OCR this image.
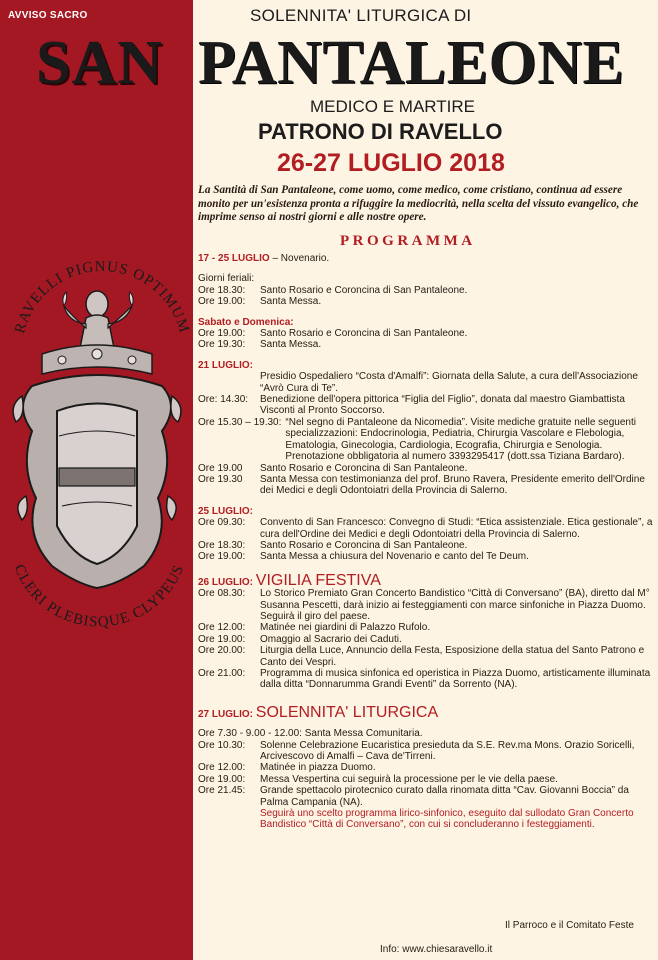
AVVISO SACRO	SOLENNITA' LITURGICA DI
SAN PANTALEONE
MEDICO E MARTIRE
PATRONO DI RAVELLO
26-27 LUGLIO 2018
La Santità di San Pantaleone, come uomo, come medico, come cristiano, continua ad essere monito per un'esistenza pronta a rifuggire la mediocrità, nella scelta del vissuto evangelico, che imprime senso ai nostri giorni e alle nostre opere.
PROGRAMMA
RAVELLI PIGNUS OPTIMUM
CLERI PLEBISQUE CLYPEUS
17 - 25 LUGLIO – Novenario.
Giorni feriali:
Ore 18.30:	Santo Rosario e Coroncina di San Pantaleone.
Ore 19.00:	Santa Messa.
Sabato e Domenica:
Ore 19.00:	Santo Rosario e Coroncina di San Pantaleone.
Ore 19.30:	Santa Messa.
21 LUGLIO:
Presidio Ospedaliero “Costa d'Amalfi”: Giornata della Salute, a cura dell'Associazione “Avrò Cura di Te”.
Ore: 14.30:	Benedizione dell'opera pittorica “Figlia del Figlio”, donata dal maestro Giambattista Visconti al Pronto Soccorso.
Ore 15.30 – 19.30: “Nel segno di Pantaleone da Nicomedia”. Visite mediche gratuite nelle seguenti specializzazioni: Endocrinologia, Pediatria, Chirurgia Vascolare e Flebologia, Ematologia, Ginecologia, Cardiologia, Ecografia, Chirurgia e Senologia. Prenotazione obbligatoria al numero 3393295417 (dott.ssa Tiziana Bardaro).
Ore 19.00	Santo Rosario e Coroncina di San Pantaleone.
Ore 19.30	Santa Messa con testimonianza del prof. Bruno Ravera, Presidente emerito dell'Ordine dei Medici e degli Odontoiatri della Provincia di Salerno.
25 LUGLIO:
Ore 09.30:	Convento di San Francesco: Convegno di Studi: “Etica assistenziale. Etica gestionale”, a cura dell'Ordine dei Medici e degli Odontoiatri della Provincia di Salerno.
Ore 18.30:	Santo Rosario e Coroncina di San Pantaleone.
Ore 19.00:	Santa Messa a chiusura del Novenario e canto del Te Deum.
26 LUGLIO: VIGILIA FESTIVA
Ore 08.30:	Lo Storico Premiato Gran Concerto Bandistico “Città di Conversano” (BA), diretto dal M° Susanna Pescetti, darà inizio ai festeggiamenti con marce sinfoniche in Piazza Duomo. Seguirà il giro del paese.
Ore 12.00:	Matinée nei giardini di Palazzo Rufolo.
Ore 19.00:	Omaggio al Sacrario dei Caduti.
Ore 20.00:	Liturgia della Luce, Annuncio della Festa, Esposizione della statua del Santo Patrono e Canto dei Vespri.
Ore 21.00:	Programma di musica sinfonica ed operistica in Piazza Duomo, artisticamente illuminata dalla ditta “Donnarumma Grandi Eventi” da Sorrento (NA).
27 LUGLIO: SOLENNITA' LITURGICA
Ore 7.30 - 9.00 - 12.00: Santa Messa Comunitaria.
Ore 10.30:	Solenne Celebrazione Eucaristica presieduta da S.E. Rev.ma Mons. Orazio Soricelli, Arcivescovo di Amalfi – Cava de'Tirreni.
Ore 12.00:	Matinée in piazza Duomo.
Ore 19.00:	Messa Vespertina cui seguirà la processione per le vie della paese.
Ore 21.45:	Grande spettacolo pirotecnico curato dalla rinomata ditta “Cav. Giovanni Boccia” da Palma Campania (NA).
Seguirà uno scelto programma lirico-sinfonico, eseguito dal sullodato Gran Concerto Bandistico “Città di Conversano”, con cui si concluderanno i festeggiamenti.
Il Parroco e il Comitato Feste
Info: www.chiesaravello.it
